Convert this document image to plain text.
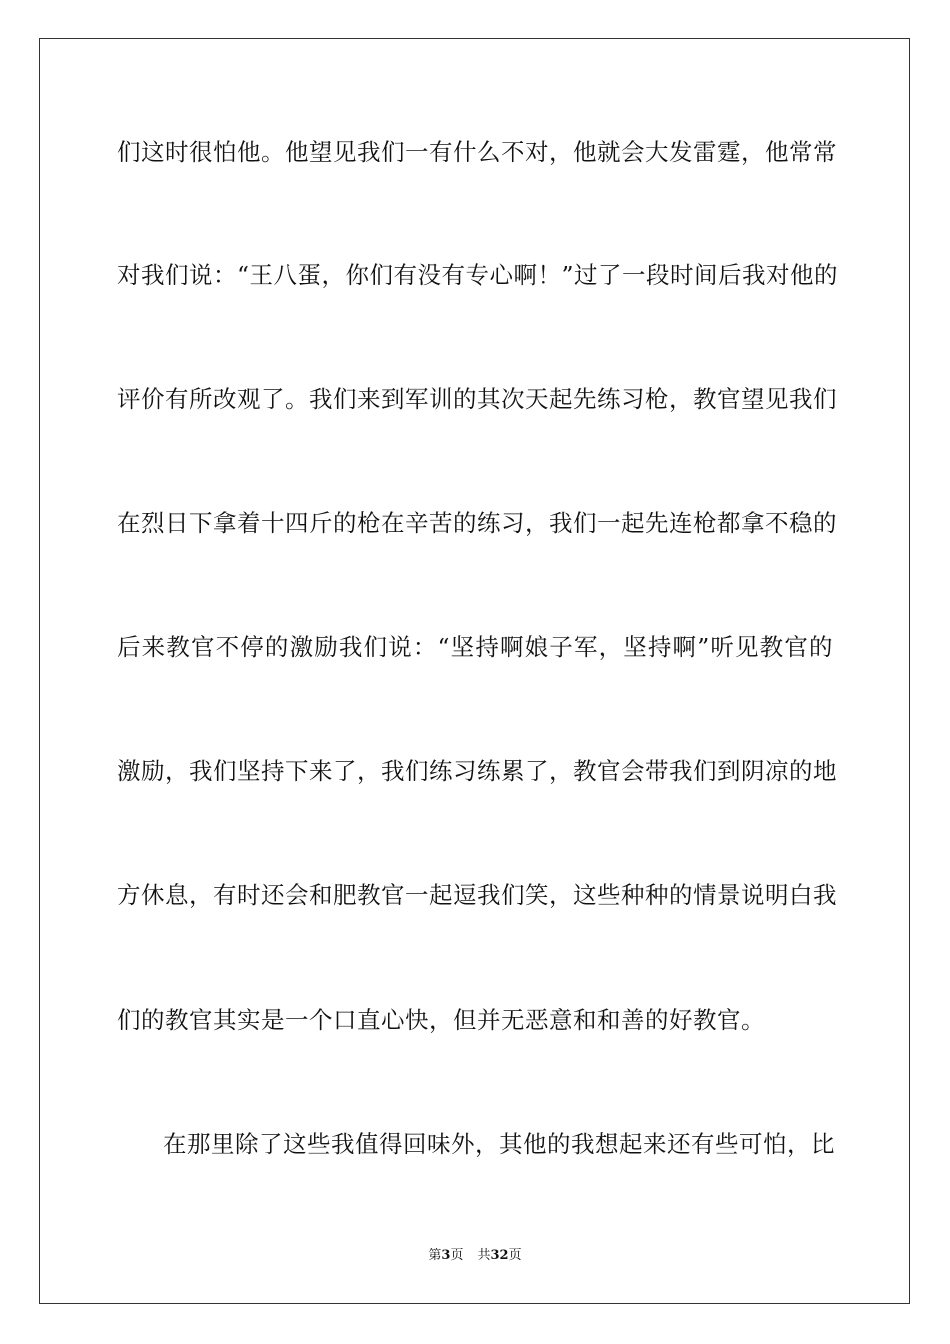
们这时很怕他。他望见我们一有什么不对，他就会大发雷霆，他常常
对我们说：“王八蛋，你们有没有专心啊！”过了一段时间后我对他的
评价有所改观了。我们来到军训的其次天起先练习枪，教官望见我们
在烈日下拿着十四斤的枪在辛苦的练习，我们一起先连枪都拿不稳的
后来教官不停的激励我们说：“坚持啊娘子军，坚持啊”听见教官的
激励，我们坚持下来了，我们练习练累了，教官会带我们到阴凉的地
方休息，有时还会和肥教官一起逗我们笑，这些种种的情景说明白我
们的教官其实是一个口直心快，但并无恶意和和善的好教官。
在那里除了这些我值得回味外，其他的我想起来还有些可怕，比
第3页 共32页
